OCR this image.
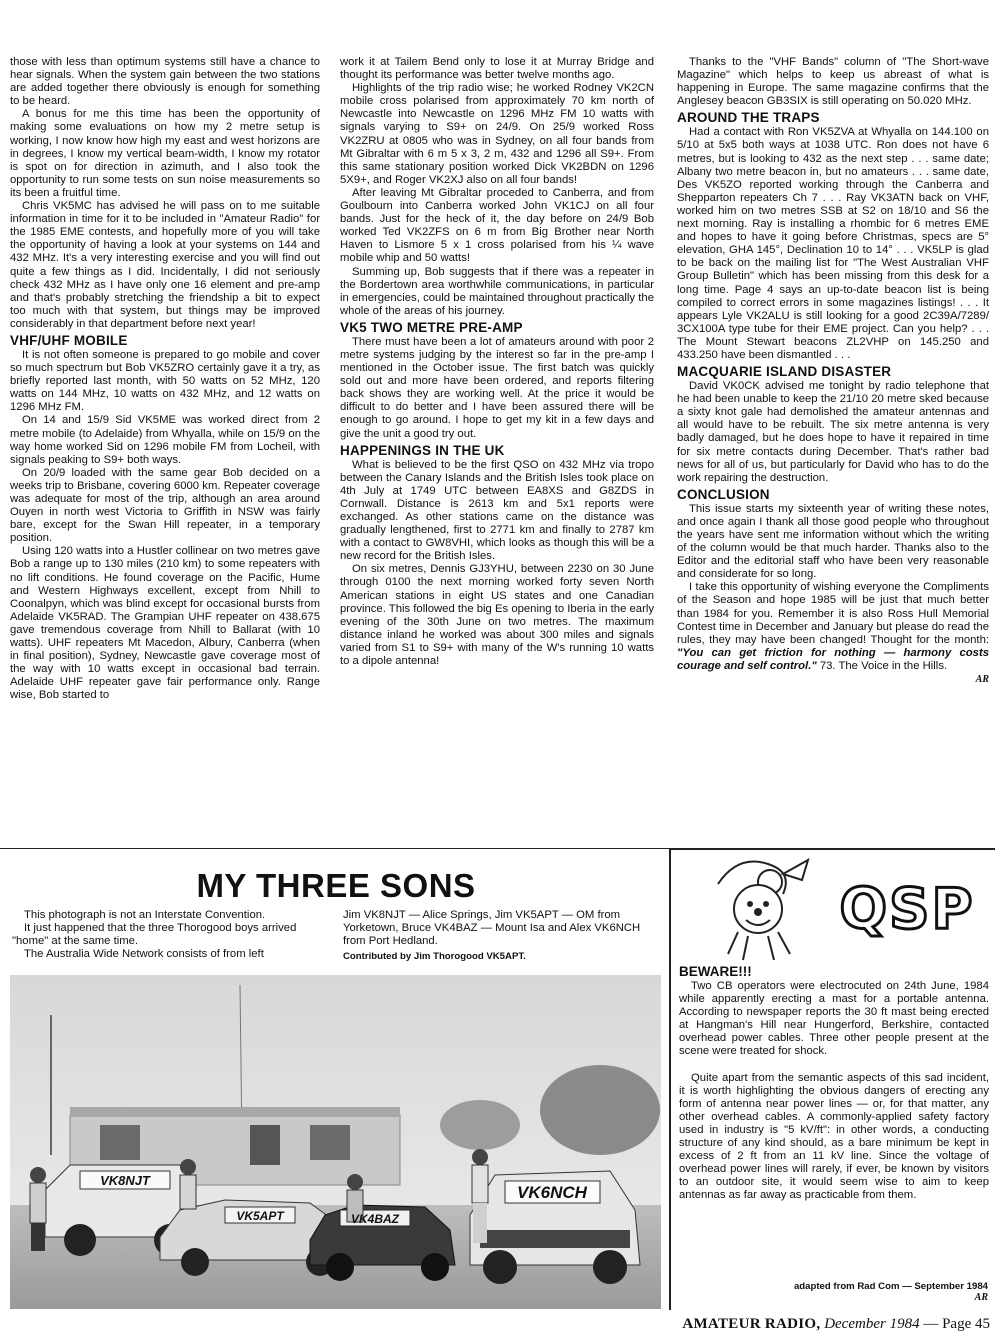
those with less than optimum systems still have a chance to hear signals. When the system gain between the two stations are added together there obviously is enough for something to be heard.

A bonus for me this time has been the opportunity of making some evaluations on how my 2 metre setup is working, I now know how high my east and west horizons are in degrees, I know my vertical beam-width, I know my rotator is spot on for direction in azimuth, and I also took the opportunity to run some tests on sun noise measurements so its been a fruitful time.

Chris VK5MC has advised he will pass on to me suitable information in time for it to be included in "Amateur Radio" for the 1985 EME contests, and hopefully more of you will take the opportunity of having a look at your systems on 144 and 432 MHz. It's a very interesting exercise and you will find out quite a few things as I did. Incidentally, I did not seriously check 432 MHz as I have only one 16 element and pre-amp and that's probably stretching the friendship a bit to expect too much with that system, but things may be improved considerably in that department before next year!

VHF/UHF MOBILE

It is not often someone is prepared to go mobile and cover so much spectrum but Bob VK5ZRO certainly gave it a try, as briefly reported last month, with 50 watts on 52 MHz, 120 watts on 144 MHz, 10 watts on 432 MHz, and 12 watts on 1296 MHz FM.

On 14 and 15/9 Sid VK5ME was worked direct from 2 metre mobile (to Adelaide) from Whyalla, while on 15/9 on the way home worked Sid on 1296 mobile FM from Locheil, with signals peaking to S9+ both ways.

On 20/9 loaded with the same gear Bob decided on a weeks trip to Brisbane, covering 6000 km. Repeater coverage was adequate for most of the trip, although an area around Ouyen in north west Victoria to Griffith in NSW was fairly bare, except for the Swan Hill repeater, in a temporary position.

Using 120 watts into a Hustler collinear on two metres gave Bob a range up to 130 miles (210 km) to some repeaters with no lift conditions. He found coverage on the Pacific, Hume and Western Highways excellent, except from Nhill to Coonalpyn, which was blind except for occasional bursts from Adelaide VK5RAD. The Grampian UHF repeater on 438.675 gave tremendous coverage from Nhill to Ballarat (with 10 watts). UHF repeaters Mt Macedon, Albury, Canberra (when in final position), Sydney, Newcastle gave coverage most of the way with 10 watts except in occasional bad terrain. Adelaide UHF repeater gave fair performance only. Range wise, Bob started to

work it at Tailem Bend only to lose it at Murray Bridge and thought its performance was better twelve months ago.

Highlights of the trip radio wise; he worked Rodney VK2CN mobile cross polarised from approximately 70 km north of Newcastle into Newcastle on 1296 MHz FM 10 watts with signals varying to S9+ on 24/9. On 25/9 worked Ross VK2ZRU at 0805 who was in Sydney, on all four bands from Mt Gibraltar with 6 m 5 x 3, 2 m, 432 and 1296 all S9+. From this same stationary position worked Dick VK2BDN on 1296 5X9+, and Roger VK2XJ also on all four bands!

After leaving Mt Gibraltar proceded to Canberra, and from Goulbourn into Canberra worked John VK1CJ on all four bands. Just for the heck of it, the day before on 24/9 Bob worked Ted VK2ZFS on 6 m from Big Brother near North Haven to Lismore 5 x 1 cross polarised from his ¼ wave mobile whip and 50 watts!

Summing up, Bob suggests that if there was a repeater in the Bordertown area worthwhile communications, in particular in emergencies, could be maintained throughout practically the whole of the areas of his journey.

VK5 TWO METRE PRE-AMP

There must have been a lot of amateurs around with poor 2 metre systems judging by the interest so far in the pre-amp I mentioned in the October issue. The first batch was quickly sold out and more have been ordered, and reports filtering back shows they are working well. At the price it would be difficult to do better and I have been assured there will be enough to go around. I hope to get my kit in a few days and give the unit a good try out.

HAPPENINGS IN THE UK

What is believed to be the first QSO on 432 MHz via tropo between the Canary Islands and the British Isles took place on 4th July at 1749 UTC between EA8XS and G8ZDS in Cornwall. Distance is 2613 km and 5x1 reports were exchanged. As other stations came on the distance was gradually lengthened, first to 2771 km and finally to 2787 km with a contact to GW8VHI, which looks as though this will be a new record for the British Isles.

On six metres, Dennis GJ3YHU, between 2230 on 30 June through 0100 the next morning worked forty seven North American stations in eight US states and one Canadian province. This followed the big Es opening to Iberia in the early evening of the 30th June on two metres. The maximum distance inland he worked was about 300 miles and signals varied from S1 to S9+ with many of the W's running 10 watts to a dipole antenna!

Thanks to the "VHF Bands" column of "The Short-wave Magazine" which helps to keep us abreast of what is happening in Europe. The same magazine confirms that the Anglesey beacon GB3SIX is still operating on 50.020 MHz.

AROUND THE TRAPS

Had a contact with Ron VK5ZVA at Whyalla on 144.100 on 5/10 at 5x5 both ways at 1038 UTC. Ron does not have 6 metres, but is looking to 432 as the next step . . . same date; Albany two metre beacon in, but no amateurs . . . same date, Des VK5ZO reported working through the Canberra and Shepparton repeaters Ch 7 . . . Ray VK3ATN back on VHF, worked him on two metres SSB at S2 on 18/10 and S6 the next morning. Ray is installing a rhombic for 6 metres EME and hopes to have it going before Christmas, specs are 5° elevation, GHA 145°, Declination 10 to 14° . . . VK5LP is glad to be back on the mailing list for "The West Australian VHF Group Bulletin" which has been missing from this desk for a long time. Page 4 says an up-to-date beacon list is being compiled to correct errors in some magazines listings! . . . It appears Lyle VK2ALU is still looking for a good 2C39A/7289/ 3CX100A type tube for their EME project. Can you help? . . . The Mount Stewart beacons ZL2VHP on 145.250 and 433.250 have been dismantled . . .

MACQUARIE ISLAND DISASTER

David VK0CK advised me tonight by radio telephone that he had been unable to keep the 21/10 20 metre sked because a sixty knot gale had demolished the amateur antennas and all would have to be rebuilt. The six metre antenna is very badly damaged, but he does hope to have it repaired in time for six metre contacts during December. That's rather bad news for all of us, but particularly for David who has to do the work repairing the destruction.

CONCLUSION

This issue starts my sixteenth year of writing these notes, and once again I thank all those good people who throughout the years have sent me information without which the writing of the column would be that much harder. Thanks also to the Editor and the editorial staff who have been very reasonable and considerate for so long.

I take this opportunity of wishing everyone the Compliments of the Season and hope 1985 will be just that much better than 1984 for you. Remember it is also Ross Hull Memorial Contest time in December and January but please do read the rules, they may have been changed! Thought for the month: "You can get friction for nothing — harmony costs courage and self control." 73. The Voice in the Hills.

AR
MY THREE SONS

This photograph is not an Interstate Convention.

It just happened that the three Thorogood boys arrived "home" at the same time.

The Australia Wide Network consists of from left

Jim VK8NJT — Alice Springs, Jim VK5APT — OM from Yorketown, Bruce VK4BAZ — Mount Isa and Alex VK6NCH from Port Hedland.

Contributed by Jim Thorogood VK5APT.

VK8NJT
VK5APT	VK4BAZ
VK6NCH
QSP
BEWARE!!!

Two CB operators were electrocuted on 24th June, 1984 while apparently erecting a mast for a portable antenna. According to newspaper reports the 30 ft mast being erected at Hangman's Hill near Hungerford, Berkshire, contacted overhead power cables. Three other people present at the scene were treated for shock.

Quite apart from the semantic aspects of this sad incident, it is worth highlighting the obvious dangers of erecting any form of antenna near power lines — or, for that matter, any other overhead cables. A commonly-applied safety factory used in industry is "5 kV/ft": in other words, a conducting structure of any kind should, as a bare minimum be kept in excess of 2 ft from an 11 kV line. Since the voltage of overhead power lines will rarely, if ever, be known by visitors to an outdoor site, it would seem wise to aim to keep antennas as far away as practicable from them.

adapted from Rad Com — September 1984
AR
AMATEUR RADIO, December 1984 — Page 45
